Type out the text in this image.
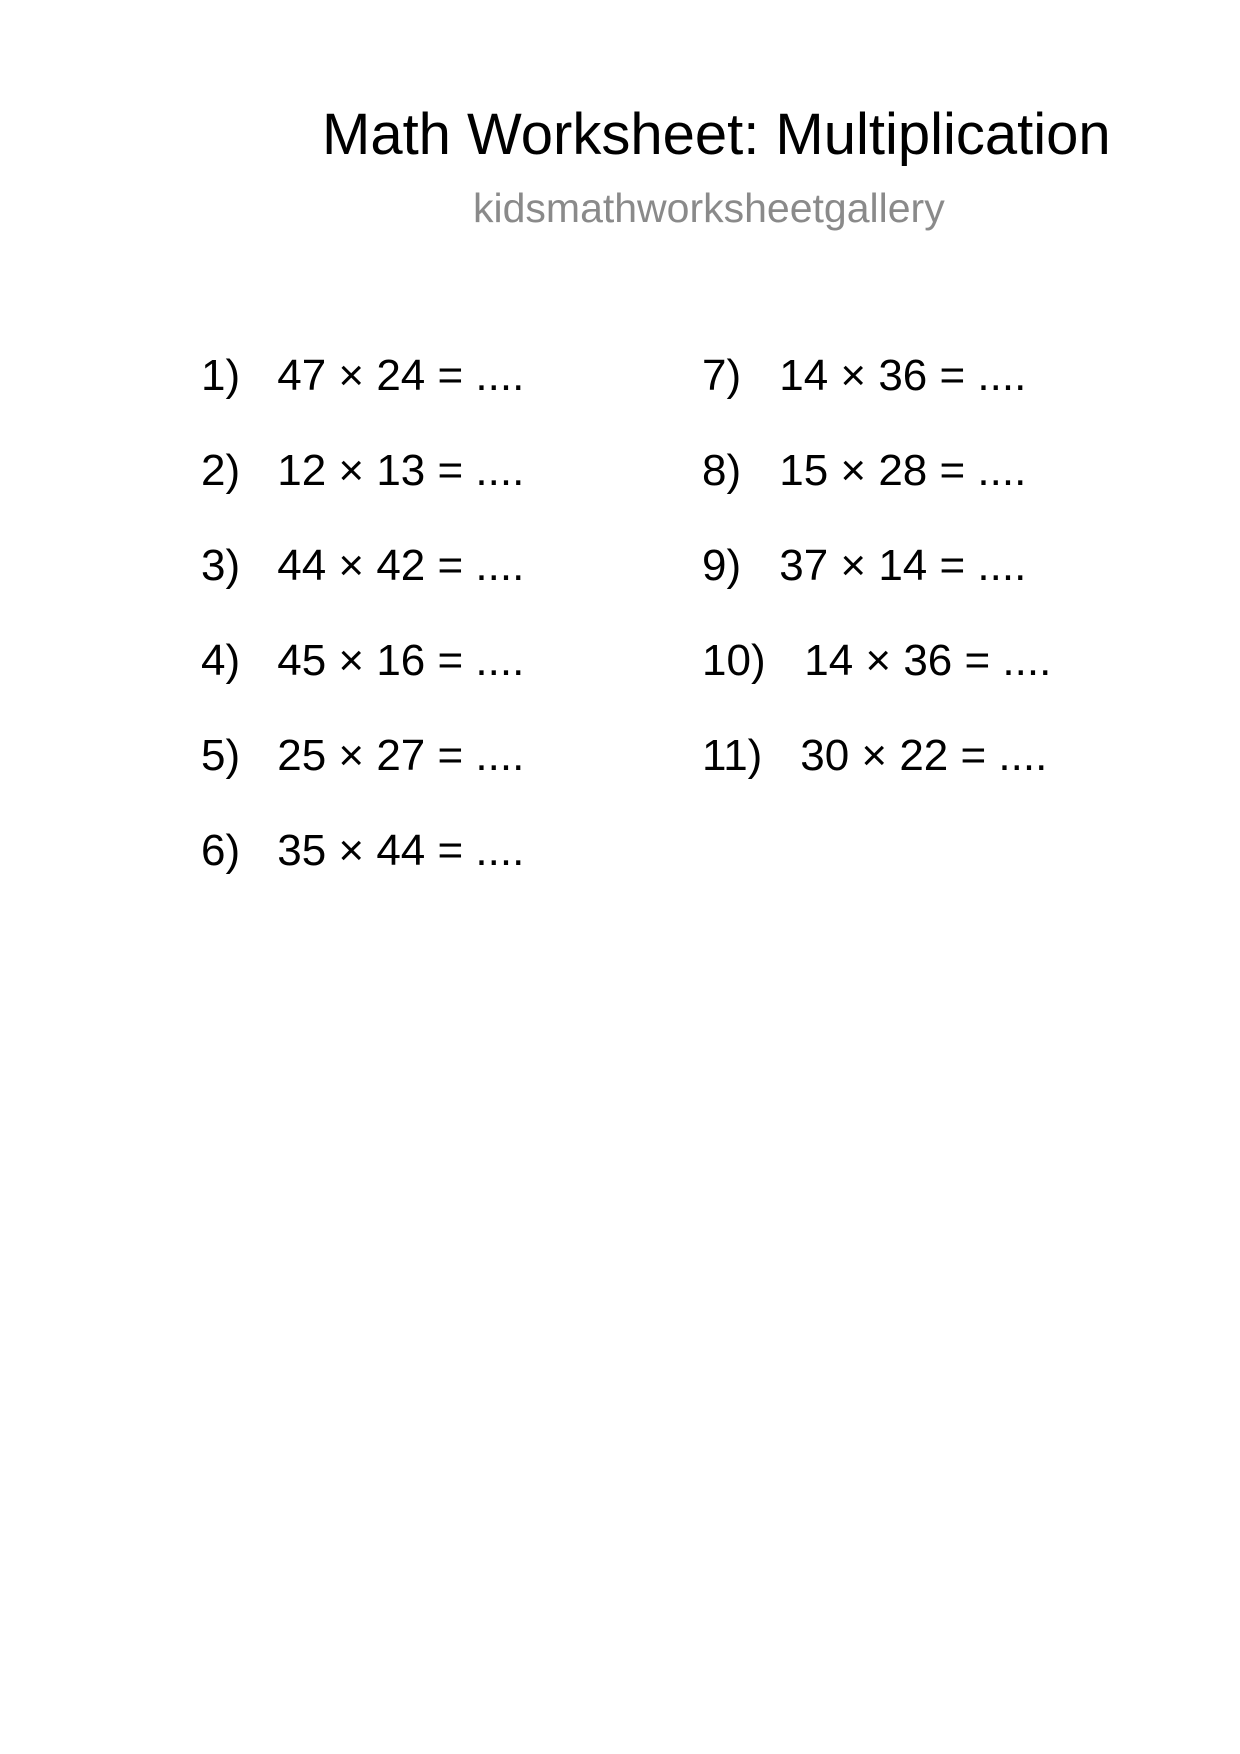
Math Worksheet: Multiplication
kidsmathworksheetgallery
1) 47 × 24 = ....
2) 12 × 13 = ....
3) 44 × 42 = ....
4) 45 × 16 = ....
5) 25 × 27 = ....
6) 35 × 44 = ....
7) 14 × 36 = ....
8) 15 × 28 = ....
9) 37 × 14 = ....
10) 14 × 36 = ....
11) 30 × 22 = ....
